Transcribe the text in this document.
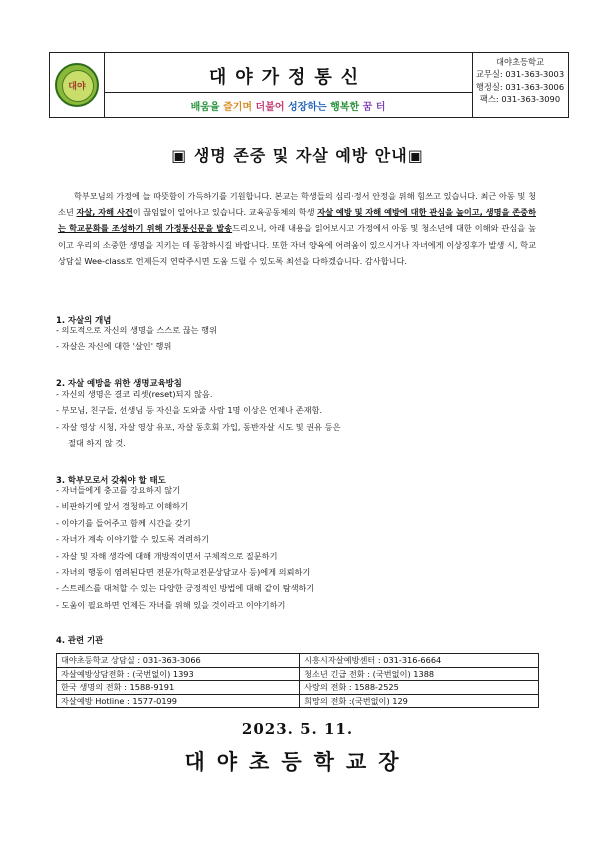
대야	대야가정통신
배움을 즐기며 더불어 성장하는 행복한 꿈 터
대야초등학교
교무실: 031-363-3003
행정실: 031-363-3006
팩스: 031-363-3090
▣ 생명 존중 및 자살 예방 안내▣
학부모님의 가정에 늘 따뜻함이 가득하기를 기원합니다. 본교는 학생들의 심리·정서 안정을 위해 힘쓰고 있습니다. 최근 아동 및 청소년 자살, 자해 사건이 끊임없이 일어나고 있습니다. 교육공동체의 학생 자살 예방 및 자해 예방에 대한 관심을 높이고, 생명을 존중하는 학교문화를 조성하기 위해 가정통신문을 발송드리오니, 아래 내용을 읽어보시고 가정에서 아동 및 청소년에 대한 이해와 관심을 높이고 우리의 소중한 생명을 지키는 데 동참하시길 바랍니다. 또한 자녀 양육에 어려움이 있으시거나 자녀에게 이상징후가 발생 시, 학교 상담실 Wee-class로 언제든지 연락주시면 도움 드릴 수 있도록 최선을 다하겠습니다. 감사합니다.
1. 자살의 개념
- 의도적으로 자신의 생명을 스스로 끊는 행위
- 자살은 자신에 대한 '살인' 행위
2. 자살 예방을 위한 생명교육방침
- 자신의 생명은 결코 리셋(reset)되지 않음.
- 부모님, 친구들, 선생님 등 자신을 도와줄 사람 1명 이상은 언제나 존재함.
- 자살 영상 시청, 자살 영상 유포, 자살 동호회 가입, 동반자살 시도 및 권유 등은
절대 하지 않 것.
3. 학부모로서 갖춰야 할 태도
- 자녀들에게 충고를 강요하지 않기
- 비판하기에 앞서 경청하고 이해하기
- 이야기를 들어주고 함께 시간을 갖기
- 자녀가 계속 이야기할 수 있도록 격려하기
- 자살 및 자해 생각에 대해 개방적이면서 구체적으로 질문하기
- 자녀의 행동이 염려된다면 전문가(학교전문상담교사 등)에게 의뢰하기
- 스트레스를 대처할 수 있는 다양한 긍정적인 방법에 대해 같이 탐색하기
- 도움이 필요하면 언제든 자녀를 위해 있을 것이라고 이야기하기
4. 관련 기관
대야초등학교 상담실 : 031-363-3066	시흥시자살예방센터 : 031-316-6664
자살예방상담전화 : (국번없이) 1393	청소년 긴급 전화 : (국번없이) 1388
한국 생명의 전화 : 1588-9191	사랑의 전화 : 1588-2525
자살예방 Hotline : 1577-0199	희망의 전화 :(국번없이) 129
2023. 5. 11.
대야초등학교장
